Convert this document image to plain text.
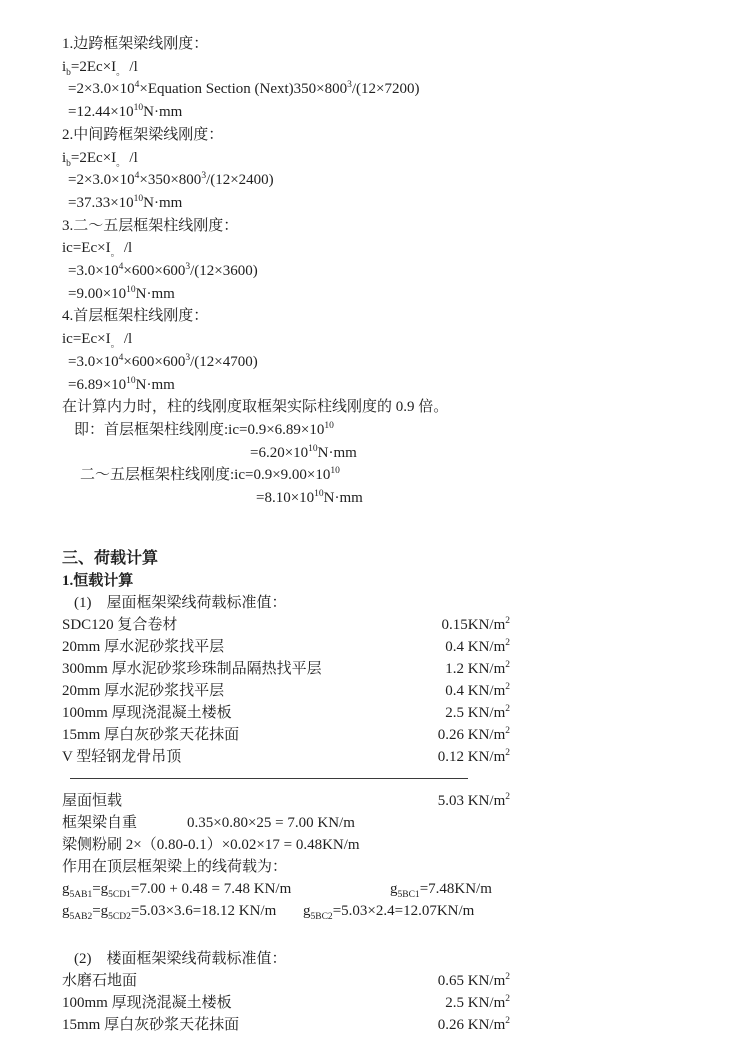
1.边跨框架梁线刚度：
$i_b=2Ec\times I_。$ /l
$=2\times 3.0\times 10^4\times Equation$ Section $(Next)350\times 800^3/(12\times 7200)$
$=12.44\times 10^{10}N\cdot mm$
2.中间跨框架梁线刚度：
$i_b=2Ec\times I_。$ /l
$=2\times 3.0\times 10^4\times 350\times 800^3/(12\times 2400)$
$=37.33\times 10^{10}N\cdot mm$
3.二～五层框架柱线刚度：
$ic=Ec\times I_。$ /l
$=3.0\times 10^4\times 600\times 600^3/(12\times 3600)$
$=9.00\times 10^{10}N\cdot mm$
4.首层框架柱线刚度：
$ic=Ec\times I_。$ /l
$=3.0\times 10^4\times 600\times 600^3/(12\times 4700)$
$=6.89\times 10^{10}N\cdot mm$
在计算内力时，柱的线刚度取框架实际柱线刚度的 0.9 倍。
即：首层框架柱线刚度$:ic=0.9\times 6.89\times 10^{10}$
$=6.20\times 10^{10}N\cdot mm$
二～五层框架柱线刚度$:ic=0.9\times 9.00\times 10^{10}$
$=8.10\times 10^{10}N\cdot mm$
三、荷载计算
1.恒载计算
(1)　屋面框架梁线荷载标准值：
SDC120 复合卷材	$0.15KN/m^2$
20mm 厚水泥砂浆找平层	0.4 $KN/m^2$
300mm 厚水泥砂浆珍珠制品隔热找平层	1.2 $KN/m^2$
20mm 厚水泥砂浆找平层	0.4 $KN/m^2$
100mm 厚现浇混凝土楼板	2.5 $KN/m^2$
15mm 厚白灰砂浆天花抹面	0.26 $KN/m^2$
V 型轻钢龙骨吊顶	0.12 $KN/m^2$
屋面恒载	5.03 $KN/m^2$
框架梁自重	0.35×0.80×25 = 7.00 KN/m
梁侧粉刷 2×（0.80-0.1）×0.02×17 = 0.48KN/m
作用在顶层框架梁上的线荷载为：
$g_{5AB1}=g_{5CD1}=7.00 + 0.48 = 7.48$ KN/m	$g_{5BC1}=7.48KN/m$
$g_{5AB2}=g_{5CD2}=5.03\times 3.6=18.12$ KN/m $g_{5BC2}=5.03\times 2.4=12.07KN/m$
(2)　楼面框架梁线荷载标准值：
水磨石地面	0.65 $KN/m^2$
100mm 厚现浇混凝土楼板	2.5 $KN/m^2$
15mm 厚白灰砂浆天花抹面	0.26 $KN/m^2$
